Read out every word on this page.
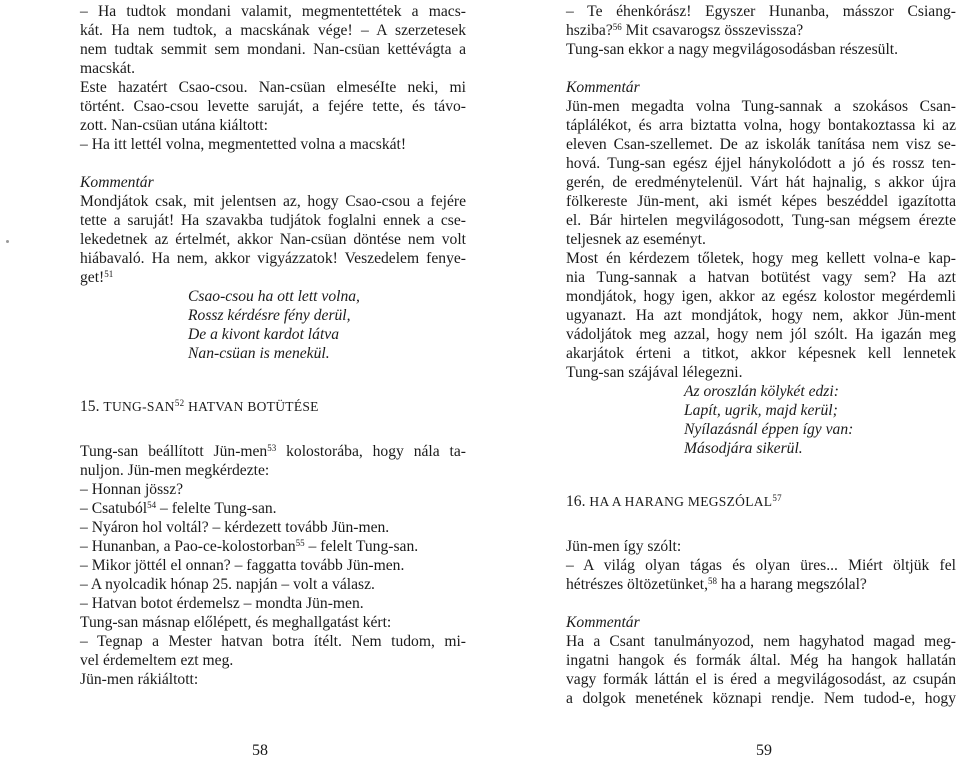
– Ha tudtok mondani valamit, megmentettétek a macs-
kát. Ha nem tudtok, a macskának vége! – A szerzetesek
nem tudtak semmit sem mondani. Nan-csüan kettévágta a
macskát.
Este hazatért Csao-csou. Nan-csüan elmeséIte neki, mi
történt. Csao-csou levette saruját, a fejére tette, és távo-
zott. Nan-csüan utána kiáltott:
– Ha itt lettél volna, megmentetted volna a macskát!
Kommentár
Mondjátok csak, mit jelentsen az, hogy Csao-csou a fejére
tette a saruját! Ha szavakba tudjátok foglalni ennek a cse-
lekedetnek az értelmét, akkor Nan-csüan döntése nem volt
hiábavaló. Ha nem, akkor vigyázzatok! Veszedelem fenye-
get!$^{51}$
Csao-csou ha ott lett volna,
Rossz kérdésre fény derül,
De a kivont kardot látva
Nan-csüan is menekül.
15. TUNG-SAN$^{52}$ HATVAN BOTÜTÉSE
Tung-san beállított Jün-men$^{53}$ kolostorába, hogy nála ta-
nuljon. Jün-men megkérdezte:
– Honnan jössz?
– Csatuból$^{54}$ – felelte Tung-san.
– Nyáron hol voltál? – kérdezett tovább Jün-men.
– Hunanban, a Pao-ce-kolostorban$^{55}$ – felelt Tung-san.
– Mikor jöttél el onnan? – faggatta tovább Jün-men.
– A nyolcadik hónap 25. napján – volt a válasz.
– Hatvan botot érdemelsz – mondta Jün-men.
Tung-san másnap előlépett, és meghallgatást kért:
– Tegnap a Mester hatvan botra ítélt. Nem tudom, mi-
vel érdemeltem ezt meg.
Jün-men rákiáltott:
58
– Te éhenkórász! Egyszer Hunanba, másszor Csiang-
hsziba?$^{56}$ Mit csavarogsz összevissza?
Tung-san ekkor a nagy megvilágosodásban részesült.
Kommentár
Jün-men megadta volna Tung-sannak a szokásos Csan-
táplálékot, és arra biztatta volna, hogy bontakoztassa ki az
eleven Csan-szellemet. De az iskolák tanítása nem visz se-
hová. Tung-san egész éjjel hánykolódott a jó és rossz ten-
gerén, de eredménytelenül. Várt hát hajnalig, s akkor újra
fölkereste Jün-ment, aki ismét képes beszéddel igazította
el. Bár hirtelen megvilágosodott, Tung-san mégsem érezte
teljesnek az eseményt.
Most én kérdezem tőletek, hogy meg kellett volna-e kap-
nia Tung-sannak a hatvan botütést vagy sem? Ha azt
mondjátok, hogy igen, akkor az egész kolostor megérdemli
ugyanazt. Ha azt mondjátok, hogy nem, akkor Jün-ment
vádoljátok meg azzal, hogy nem jól szólt. Ha igazán meg
akarjátok érteni a titkot, akkor képesnek kell lennetek
Tung-san szájával lélegezni.
Az oroszlán kölykét edzi:
Lapít, ugrik, majd kerül;
Nyílazásnál éppen így van:
Másodjára sikerül.
16. HA A HARANG MEGSZÓLAL$^{57}$
Jün-men így szólt:
– A világ olyan tágas és olyan üres... Miért öltjük fel
hétrészes öltözetünket,$^{58}$ ha a harang megszólal?
Kommentár
Ha a Csant tanulmányozod, nem hagyhatod magad meg-
ingatni hangok és formák által. Még ha hangok hallatán
vagy formák láttán el is éred a megvilágosodást, az csupán
a dolgok menetének köznapi rendje. Nem tudod-e, hogy
59
